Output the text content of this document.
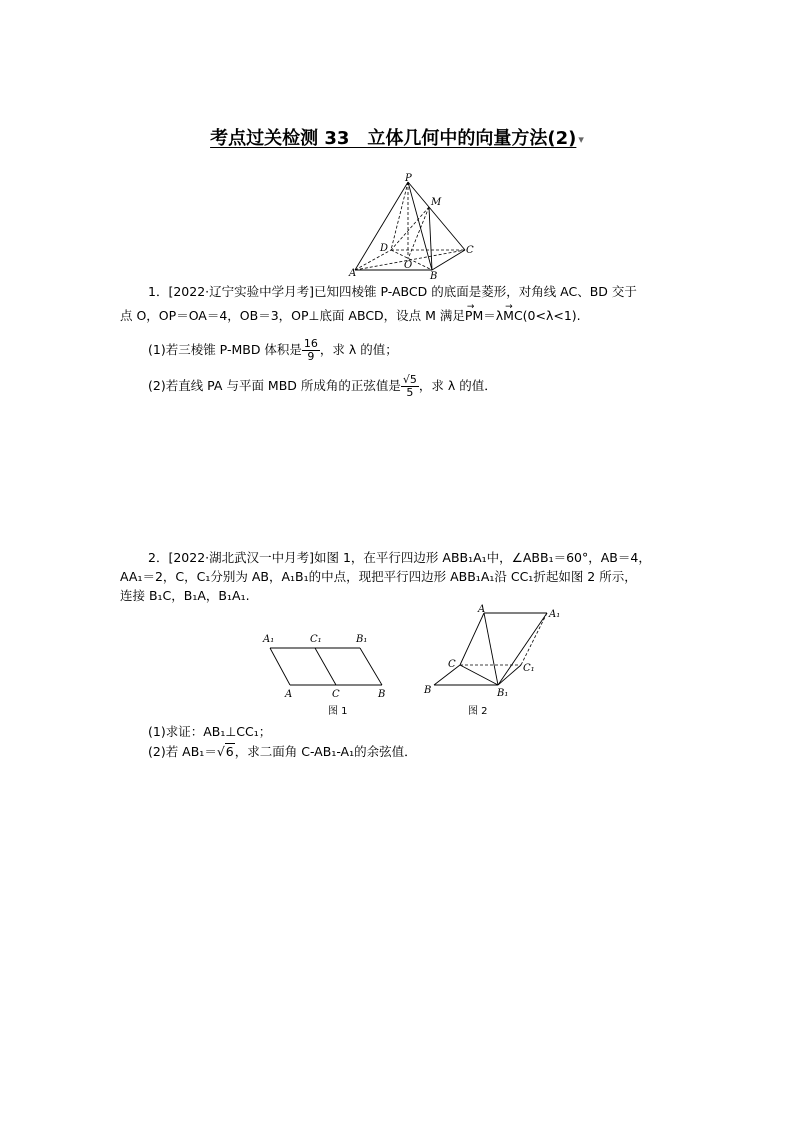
考点过关检测 33　立体几何中的向量方法(2) ▾
P
M
D	C
A
O
B
1．[2022·辽宁实验中学月考]已知四棱锥 P-ABCD 的底面是菱形，对角线 AC、BD 交于
点 O，OP＝OA＝4，OB＝3，OP⊥底面 ABCD，设点 M 满足→ PM＝λ→ MC(0<λ<1).
(1)若三棱锥 P-MBD 体积是 $\frac{16}{9}$ ，求 λ 的值；
(2)若直线 PA 与平面 MBD 所成角的正弦值是 $\frac{√5}{5}$ ，求 λ 的值．
2．[2022·湖北武汉一中月考]如图 1，在平行四边形 ABB₁A₁中，∠ABB₁＝60°，AB＝4，
AA₁＝2，C，C₁分别为 AB，A₁B₁的中点，现把平行四边形 ABB₁A₁沿 CC₁折起如图 2 所示，
连接 B₁C，B₁A，B₁A₁.
A₁	C₁	B₁
A	C	B
图 1
A	A₁
C	C₁
B	B₁
图 2
(1)求证：AB₁⊥CC₁；
(2)若 AB₁＝√6，求二面角 C-AB₁-A₁的余弦值．
